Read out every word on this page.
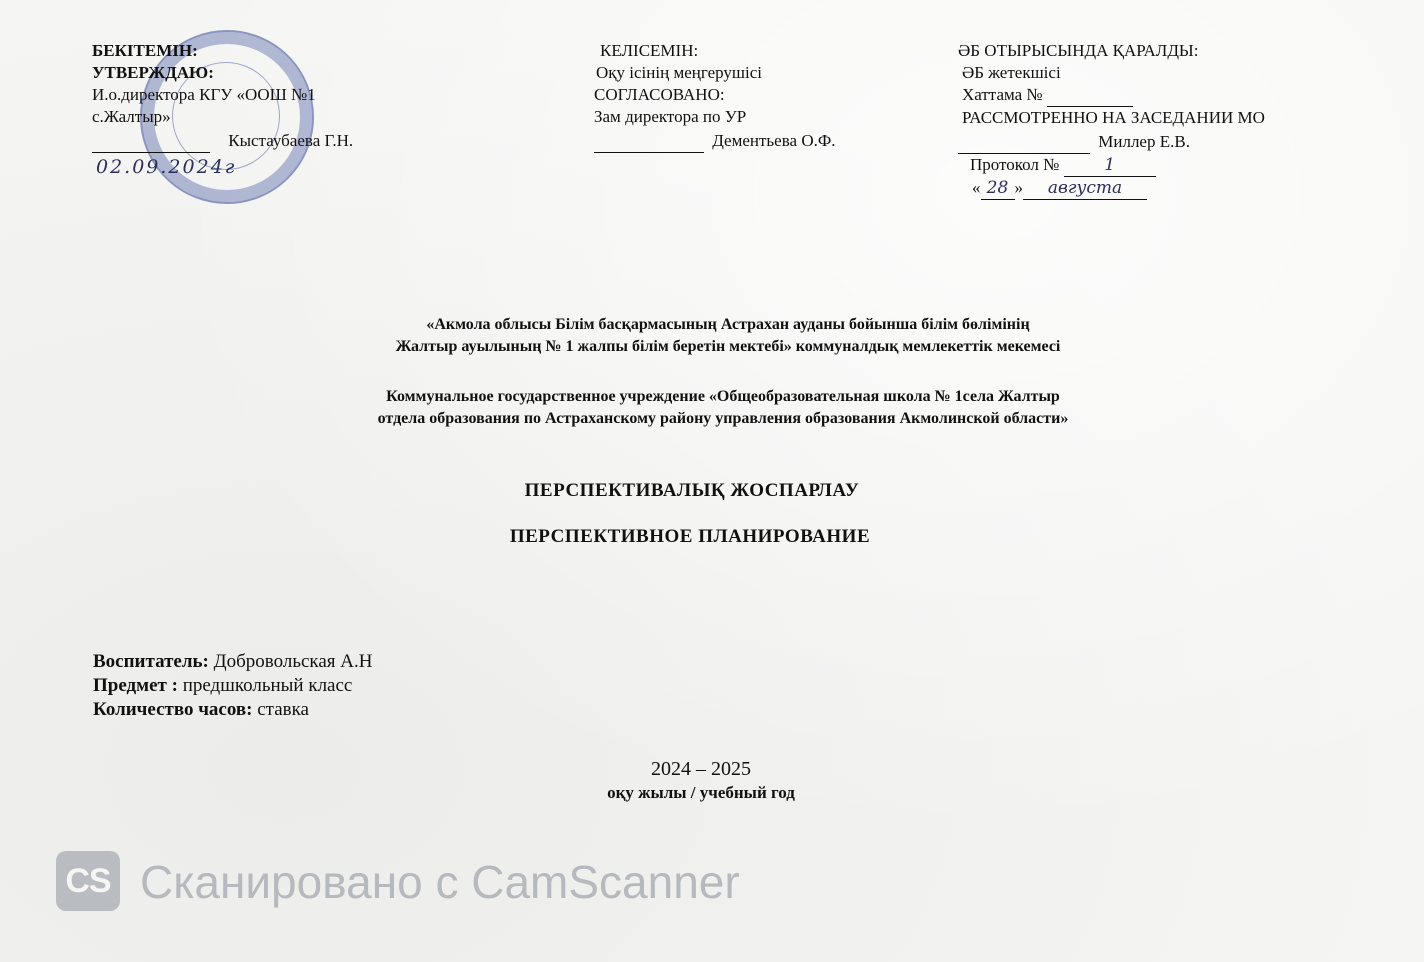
БЕКІТЕМІН:
УТВЕРЖДАЮ:
И.о.директора КГУ «ООШ №1
с.Жалтыр»
Кыстаубаева Г.Н.
02.09.2024г
КЕЛІСЕМІН:
Оқу ісінің меңгерушісі
СОГЛАСОВАНО:
Зам директора по УР
Дементьева О.Ф.
ӘБ ОТЫРЫСЫНДА ҚАРАЛДЫ:
ӘБ жетекшісі
Хаттама №
РАССМОТРЕННО НА ЗАСЕДАНИИ МО
Миллер Е.В.
Протокол №	1
« 28 » августа
«Акмола облысы Білім басқармасының Астрахан ауданы бойынша білім бөлімінің
Жалтыр ауылының № 1 жалпы білім беретін мектебі» коммуналдық мемлекеттік мекемесі
Коммунальное государственное учреждение «Общеобразовательная школа № 1села Жалтыр
отдела образования по Астраханскому району управления образования Акмолинской области»
ПЕРСПЕКТИВАЛЫҚ ЖОСПАРЛАУ
ПЕРСПЕКТИВНОЕ ПЛАНИРОВАНИЕ
Воспитатель: Добровольская А.Н
Предмет : предшкольный класс
Количество часов: ставка
2024 – 2025
оқу жылы / учебный год
CS Сканировано с CamScanner
